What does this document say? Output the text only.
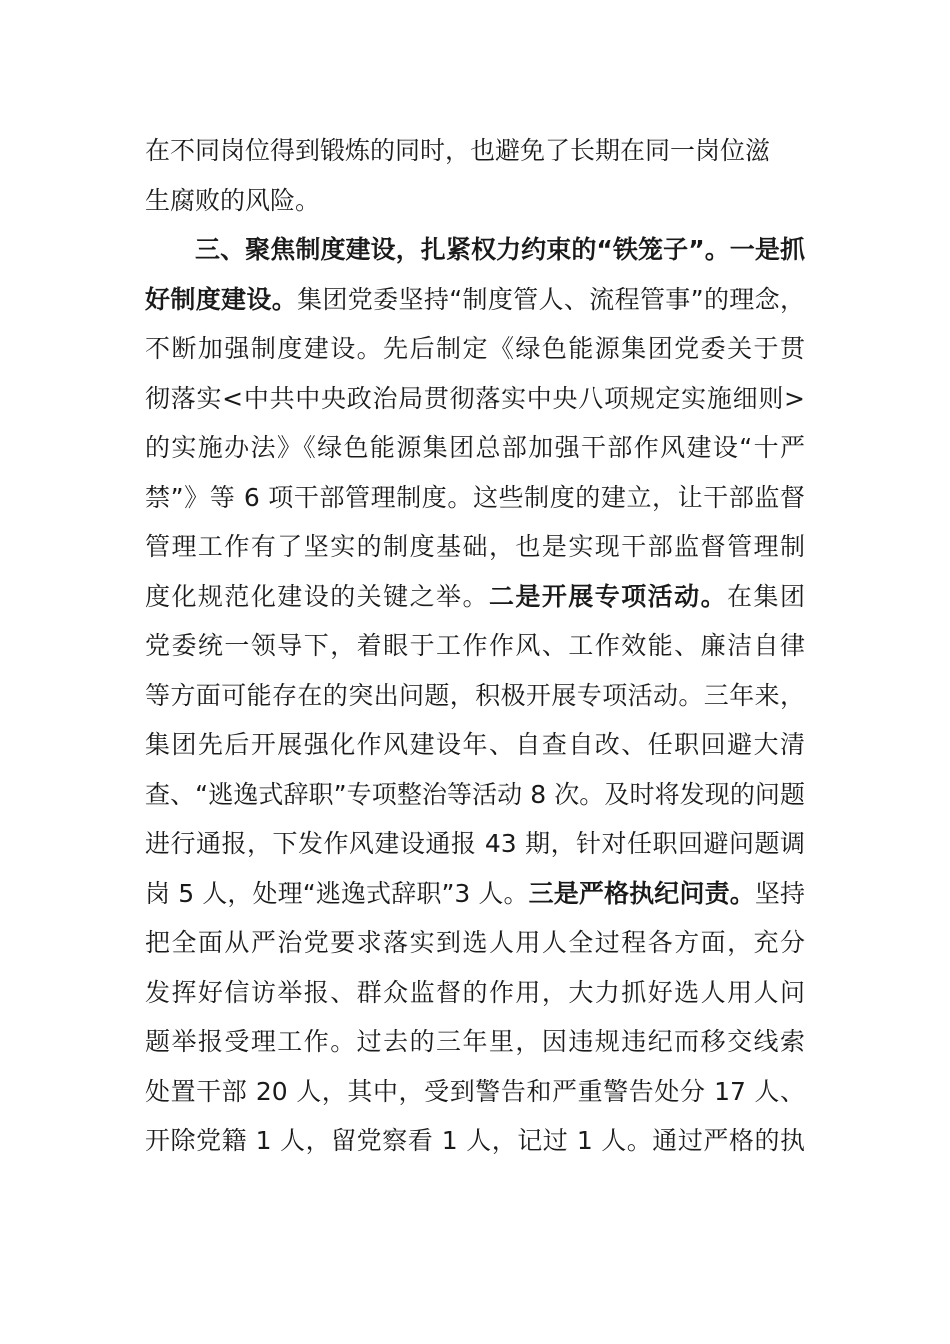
在不同岗位得到锻炼的同时，也避免了长期在同一岗位滋
生腐败的风险。
三、聚焦制度建设，扎紧权力约束的“铁笼子”。一是抓
好制度建设。集团党委坚持“制度管人、流程管事”的理念，
不断加强制度建设。先后制定《绿色能源集团党委关于贯
彻落实<中共中央政治局贯彻落实中央八项规定实施细则>
的实施办法》《绿色能源集团总部加强干部作风建设“十严
禁”》等 6 项干部管理制度。这些制度的建立，让干部监督
管理工作有了坚实的制度基础，也是实现干部监督管理制
度化规范化建设的关键之举。二是开展专项活动。在集团
党委统一领导下，着眼于工作作风、工作效能、廉洁自律
等方面可能存在的突出问题，积极开展专项活动。三年来，
集团先后开展强化作风建设年、自查自改、任职回避大清
查、“逃逸式辞职”专项整治等活动 8 次。及时将发现的问题
进行通报，下发作风建设通报 43 期，针对任职回避问题调
岗 5 人，处理“逃逸式辞职”3 人。三是严格执纪问责。坚持
把全面从严治党要求落实到选人用人全过程各方面，充分
发挥好信访举报、群众监督的作用，大力抓好选人用人问
题举报受理工作。过去的三年里，因违规违纪而移交线索
处置干部 20 人，其中，受到警告和严重警告处分 17 人、
开除党籍 1 人，留党察看 1 人，记过 1 人。通过严格的执
